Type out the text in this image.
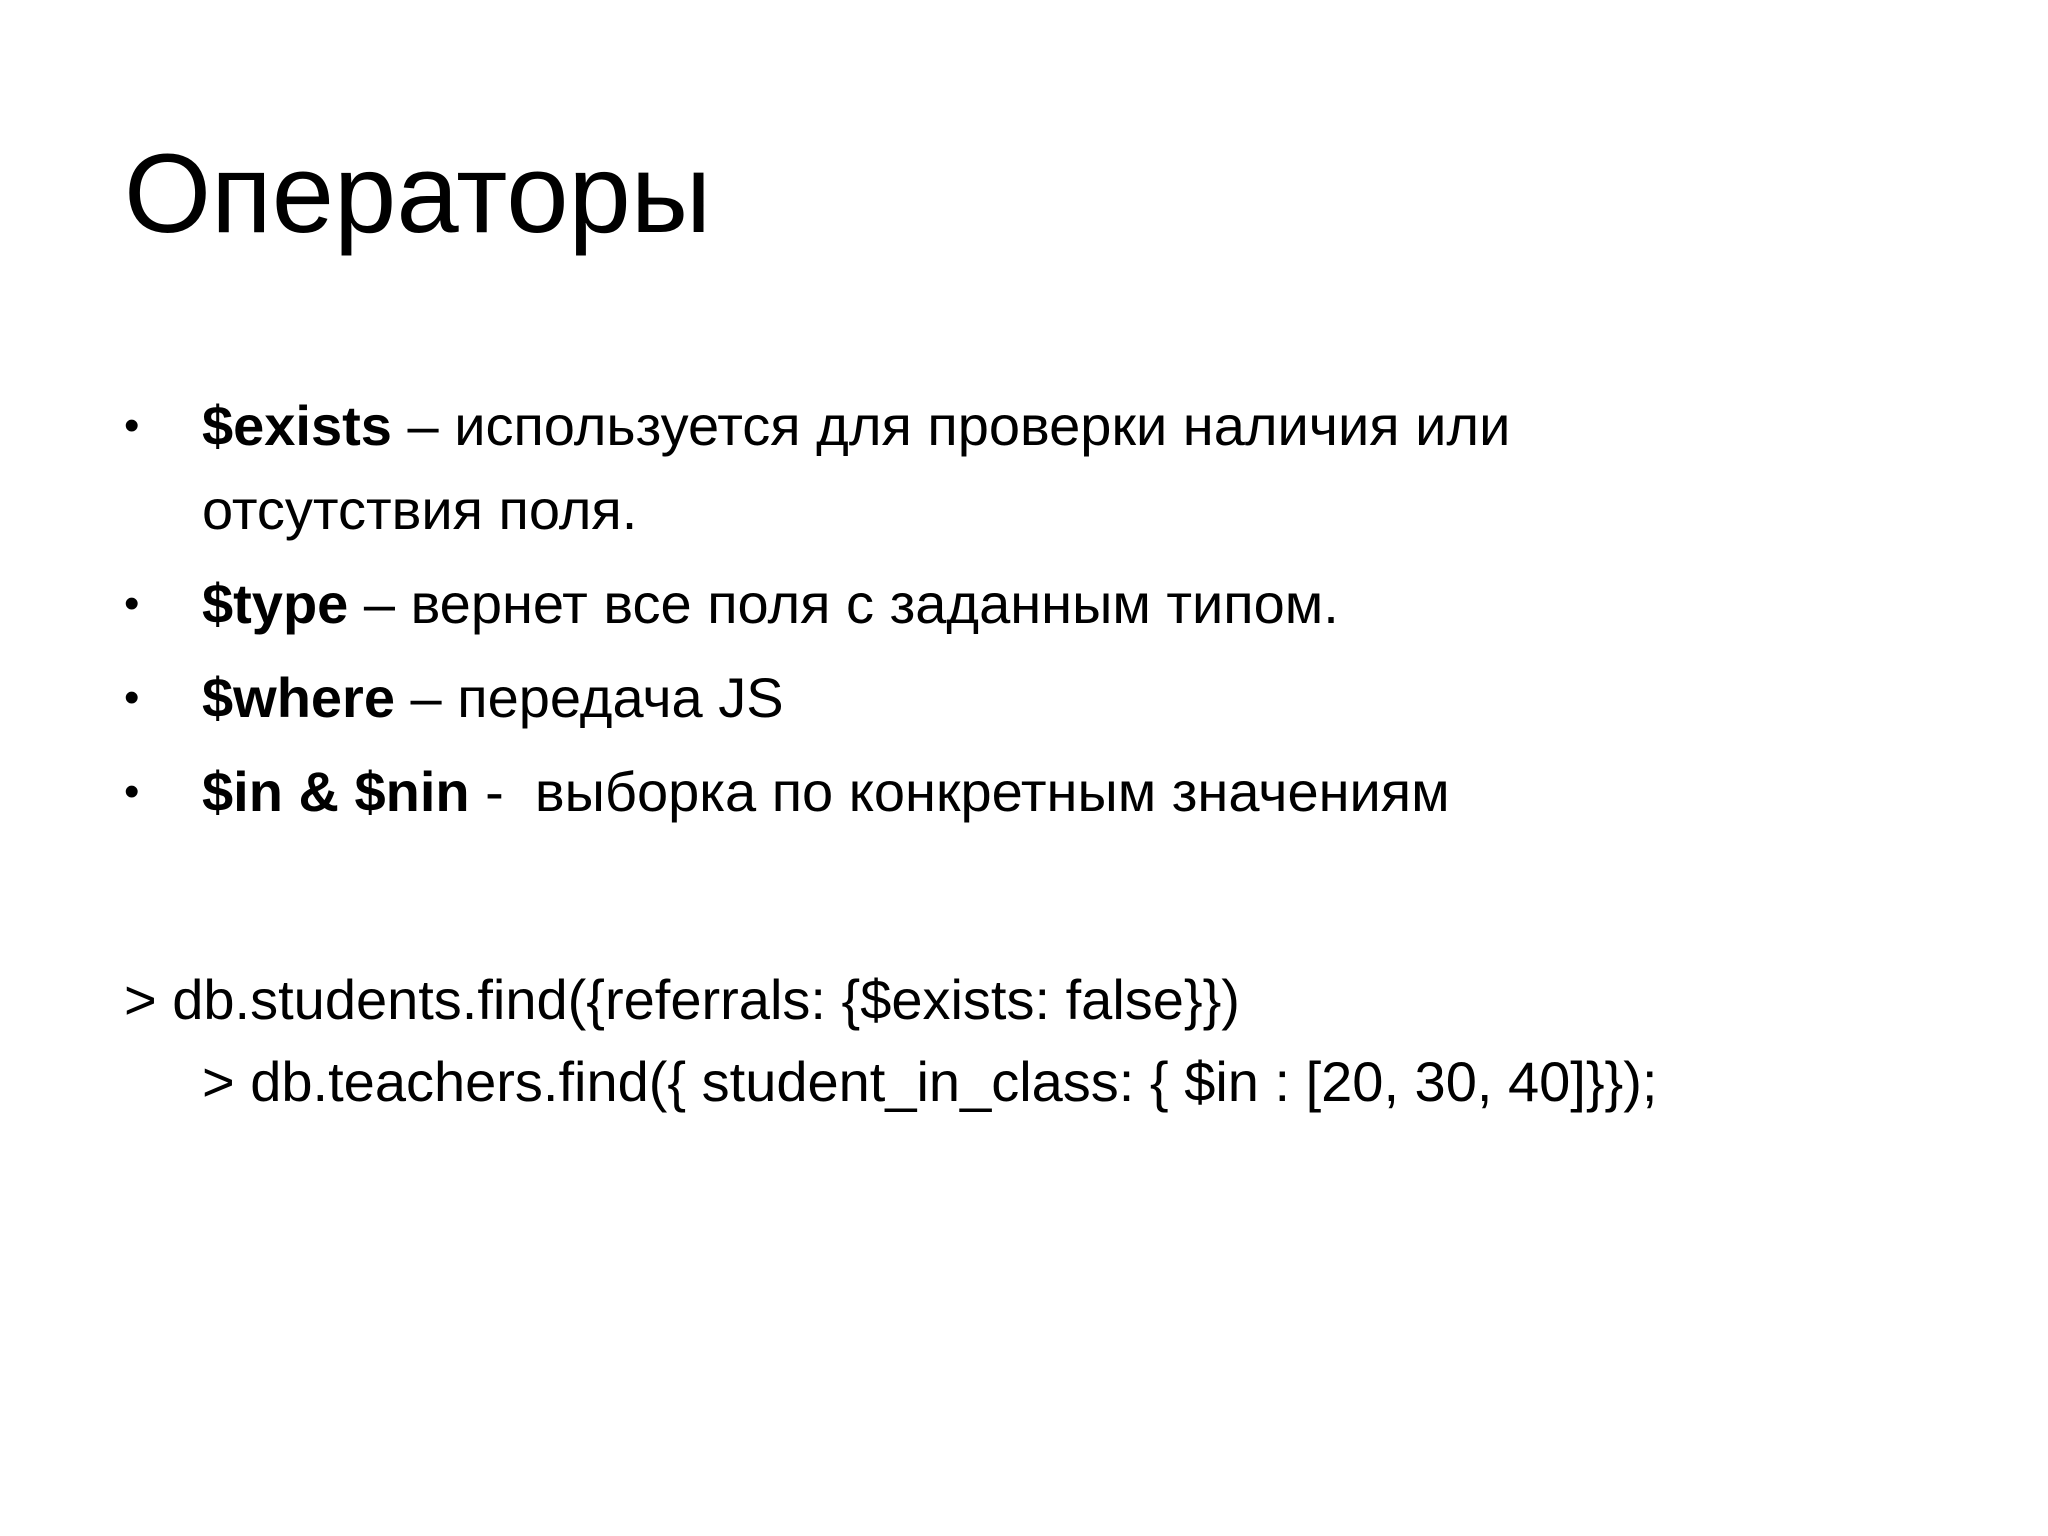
Операторы
•	$exists – используется для проверки наличия или отсутствия поля.
•	$type – вернет все поля с заданным типом.
•	$where – передача JS
•	$in & $nin -  выборка по конкретным значениям
> db.students.find({referrals: {$exists: false}})
> db.teachers.find({ student_in_class: { $in : [20, 30, 40]}});
